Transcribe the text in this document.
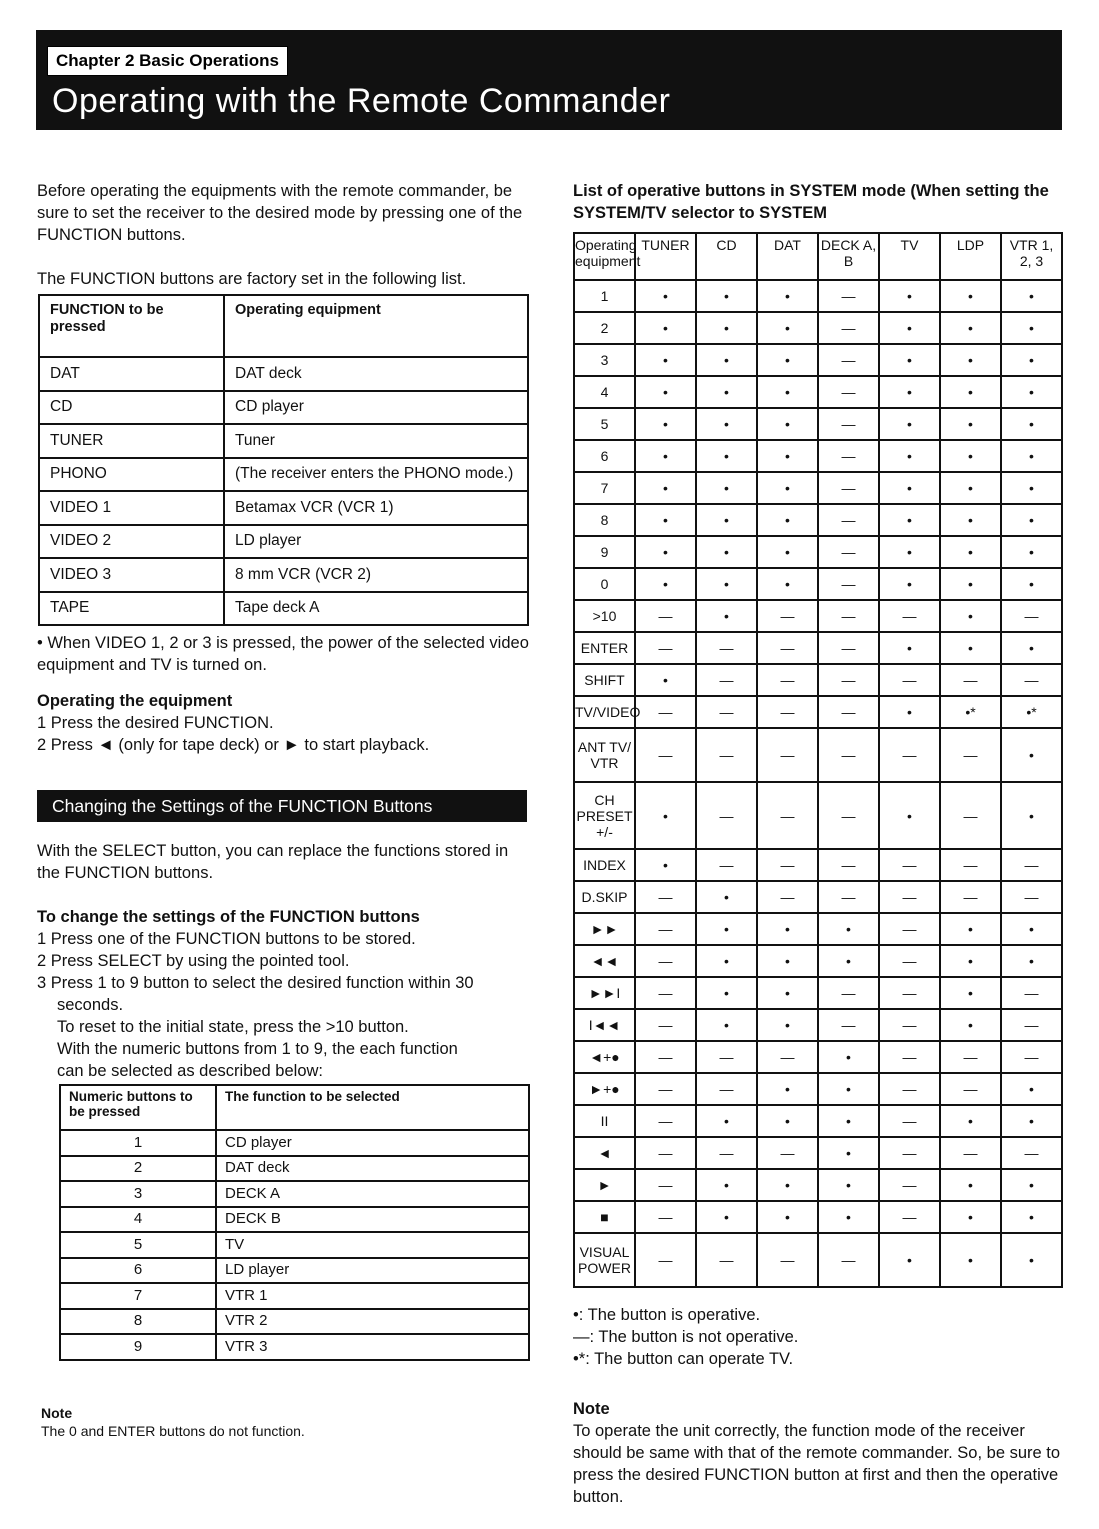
Chapter 2 Basic Operations
Operating with the Remote Commander

Before operating the equipments with the remote commander, be sure to set the receiver to the desired mode by pressing one of the FUNCTION buttons.

The FUNCTION buttons are factory set in the following list.

FUNCTION to be pressed	Operating equipment
DAT	DAT deck
CD	CD player
TUNER	Tuner
PHONO	(The receiver enters the PHONO mode.)
VIDEO 1	Betamax VCR (VCR 1)
VIDEO 2	LD player
VIDEO 3	8 mm VCR (VCR 2)
TAPE	Tape deck A

• When VIDEO 1, 2 or 3 is pressed, the power of the selected video equipment and TV is turned on.

Operating the equipment

1 Press the desired FUNCTION.
2 Press ◄ (only for tape deck) or ► to start playback.
Changing the Settings of the FUNCTION Buttons

With the SELECT button, you can replace the functions stored in the FUNCTION buttons.

To change the settings of the FUNCTION buttons

1 Press one of the FUNCTION buttons to be stored.
2 Press SELECT by using the pointed tool.
3 Press 1 to 9 button to select the desired function within 30
seconds.
To reset to the initial state, press the >10 button.
With the numeric buttons from 1 to 9, the each function
can be selected as described below:
Numeric buttons to be pressed	The function to be selected
1	CD player
2	DAT deck
3	DECK A
4	DECK B
5	TV
6	LD player
7	VTR 1
8	VTR 2
9	VTR 3
Note
The 0 and ENTER buttons do not function.

List of operative buttons in SYSTEM mode (When setting the SYSTEM/TV selector to SYSTEM

Operating equipment	TUNER	CD	DAT	DECK A, B	TV	LDP	VTR 1, 2, 3
1	•	•	•	—	•	•	•
2	•	•	•	—	•	•	•
3	•	•	•	—	•	•	•
4	•	•	•	—	•	•	•
5	•	•	•	—	•	•	•
6	•	•	•	—	•	•	•
7	•	•	•	—	•	•	•
8	•	•	•	—	•	•	•
9	•	•	•	—	•	•	•
0	•	•	•	—	•	•	•
>10	—	•	—	—	—	•	—
ENTER	—	—	—	—	•	•	•
SHIFT	•	—	—	—	—	—	—
TV/VIDEO	—	—	—	—	•	•*	•*
ANT TV/ VTR	—	—	—	—	—	—	•
CH PRESET +/-	•	—	—	—	•	—	•
INDEX	•	—	—	—	—	—	—
D.SKIP	—	•	—	—	—	—	—
►►	—	•	•	•	—	•	•
◄◄	—	•	•	•	—	•	•
►►I	—	•	•	—	—	•	—
I◄◄	—	•	•	—	—	•	—
◄+●	—	—	—	•	—	—	—
►+●	—	—	•	•	—	—	•
II	—	•	•	•	—	•	•
◄	—	—	—	•	—	—	—
►	—	•	•	•	—	•	•
■	—	•	•	•	—	•	•
VISUAL POWER	—	—	—	—	•	•	•
•: The button is operative.
—: The button is not operative.
•*: The button can operate TV.

Note

To operate the unit correctly, the function mode of the receiver should be same with that of the remote commander. So, be sure to press the desired FUNCTION button at first and then the operative button.
